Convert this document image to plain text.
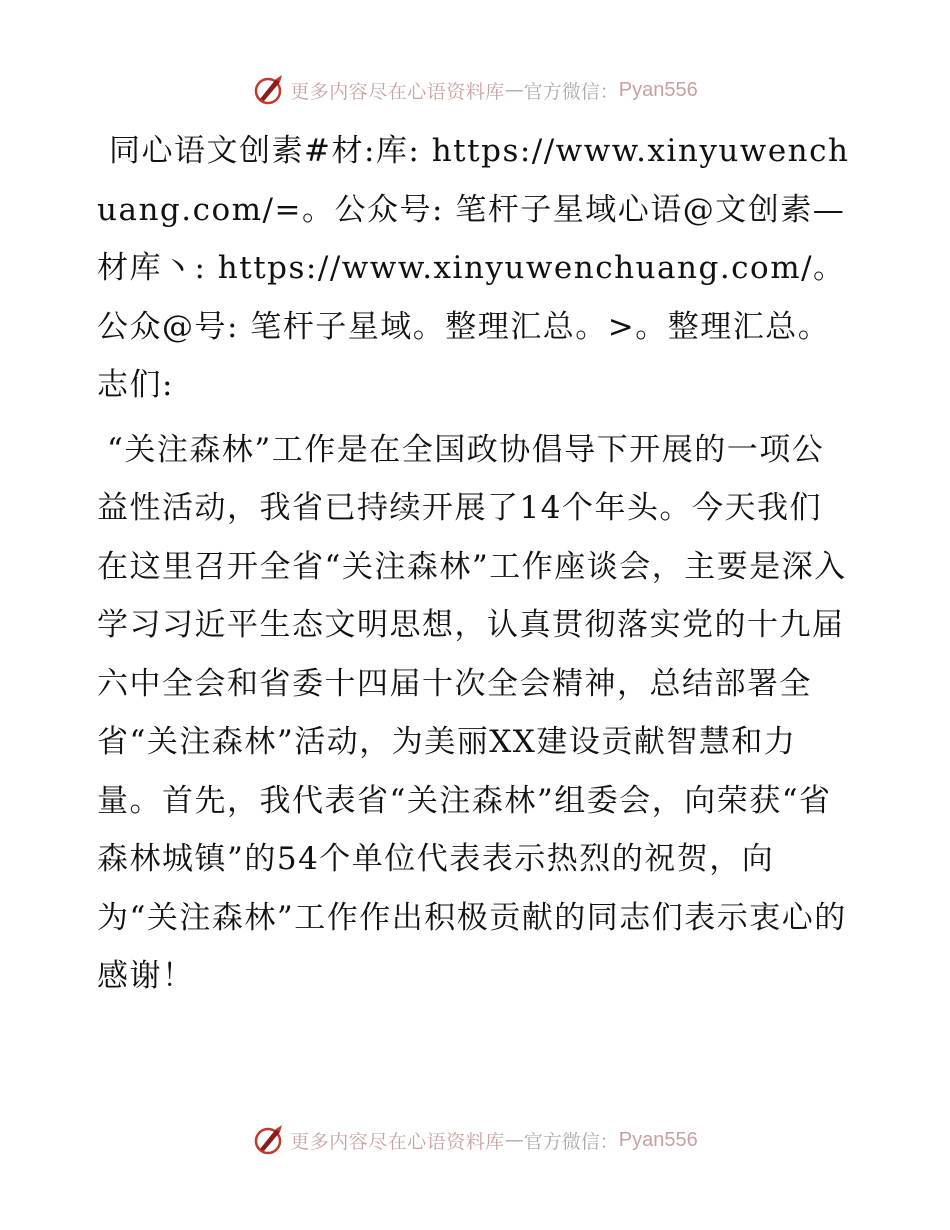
更多内容尽在心语资料库 — 官方微信： Pyan556

同心语文创素#材:库: https://www.xinyuwenchuang.com/=。公众号: 笔杆子星域心语@文创素—材库丶: https://www.xinyuwenchuang.com/。公众@号: 笔杆子星域。整理汇总。>。整理汇总。志们:

“关注森林”工作是在全国政协倡导下开展的一项公益性活动，我省已持续开展了14个年头。今天我们在这里召开全省“关注森林”工作座谈会，主要是深入学习习近平生态文明思想，认真贯彻落实党的十九届六中全会和省委十四届十次全会精神，总结部署全省“关注森林”活动，为美丽XX建设贡献智慧和力量。首先，我代表省“关注森林”组委会，向荣获“省森林城镇”的54个单位代表表示热烈的祝贺，向为“关注森林”工作作出积极贡献的同志们表示衷心的感谢！

更多内容尽在心语资料库 — 官方微信： Pyan556
